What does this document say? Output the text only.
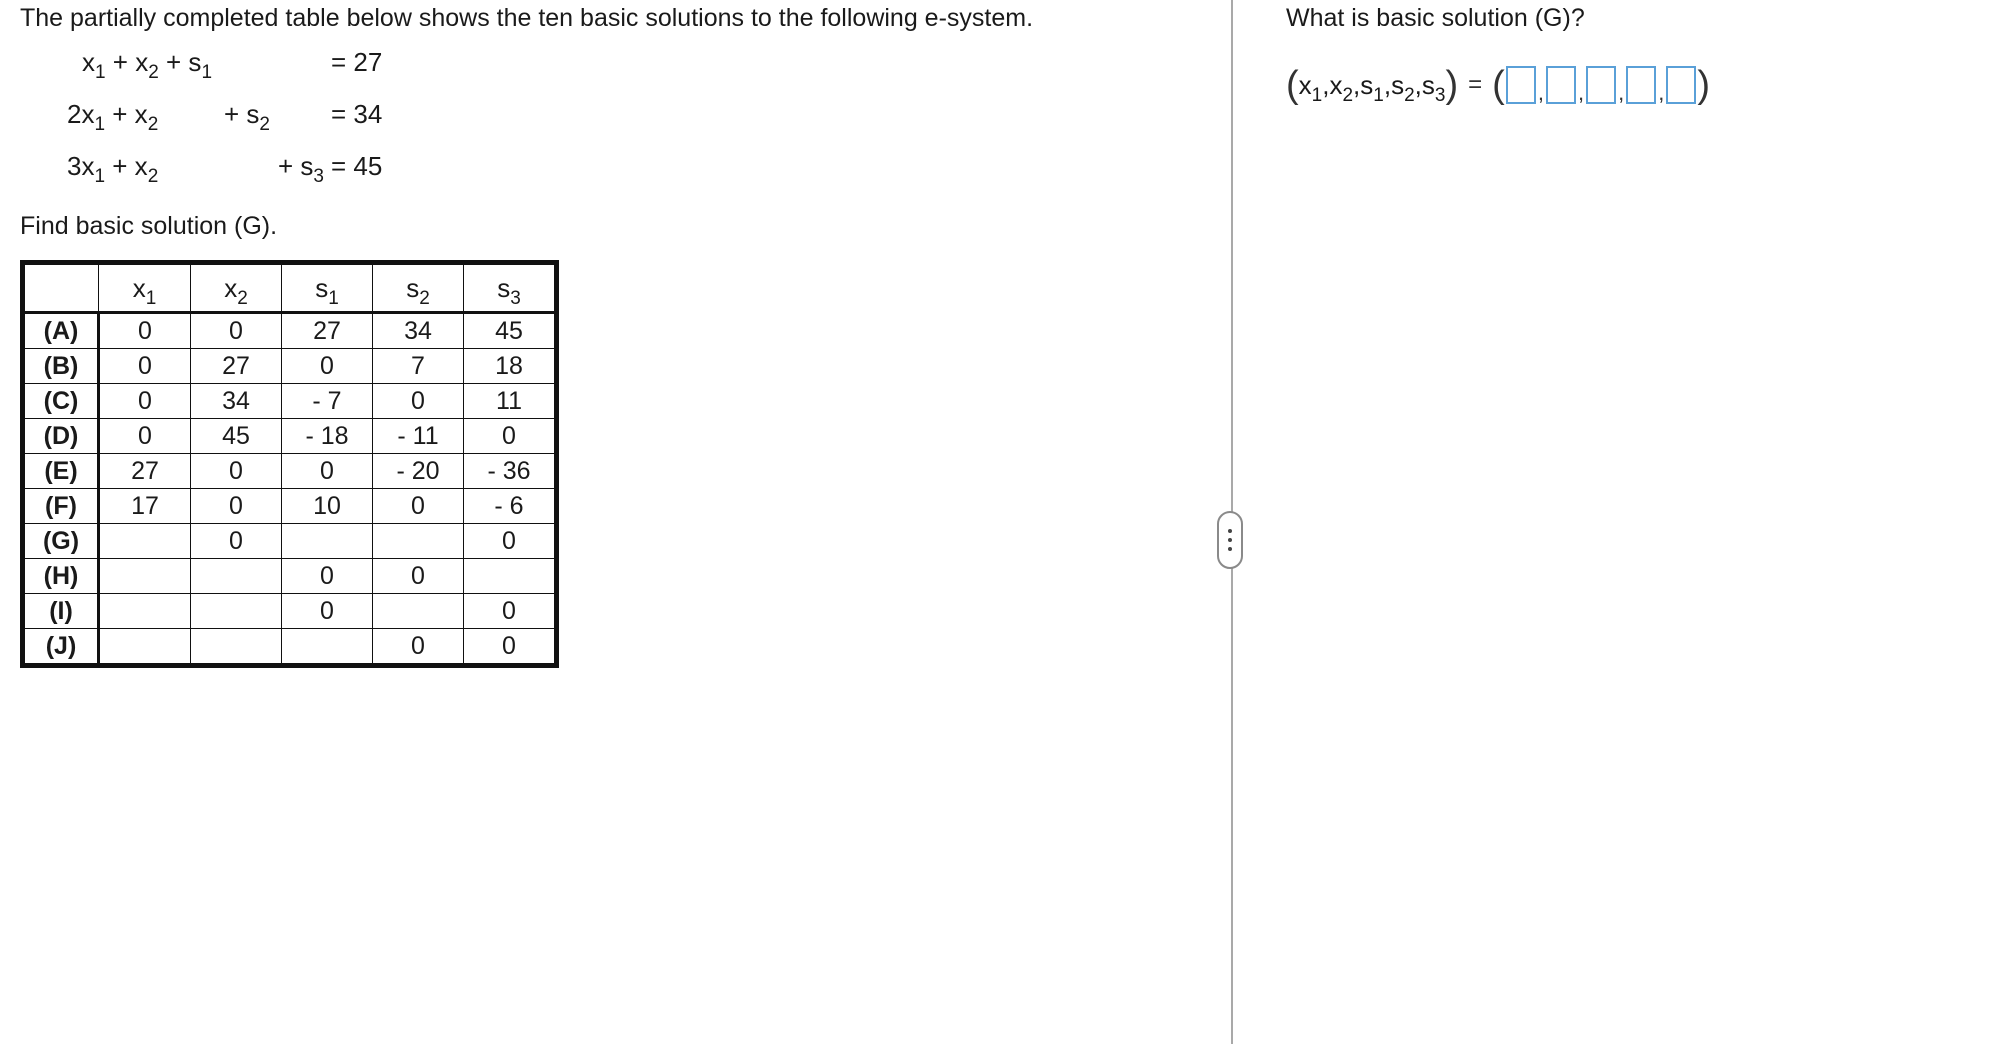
The partially completed table below shows the ten basic solutions to the following e-system.
$x_1 + x_2 + s_1$	= 27
$2x_1 + x_2$	+ $s_2 = 34$
$3x_1 + x_2$	+ $s_3 = 45$
Find basic solution (G).
	$x_1$	$x_2$	$s_1$	$s_2$	$s_3$
(A)	0	0	27	34	45
(B)	0	27	0	7	18
(C)	0	34	- 7	0	11
(D)	0	45	- 18	- 11	0
(E)	27	0	0	- 20	- 36
(F)	17	0	10	0	- 6
(G)		0			0
(H)			0	0	
(I)			0		0
(J)				0	0
What is basic solution (G)?
( $x_1,x_2,s_1,s_2,s_3$ ) = ( , , , , )
